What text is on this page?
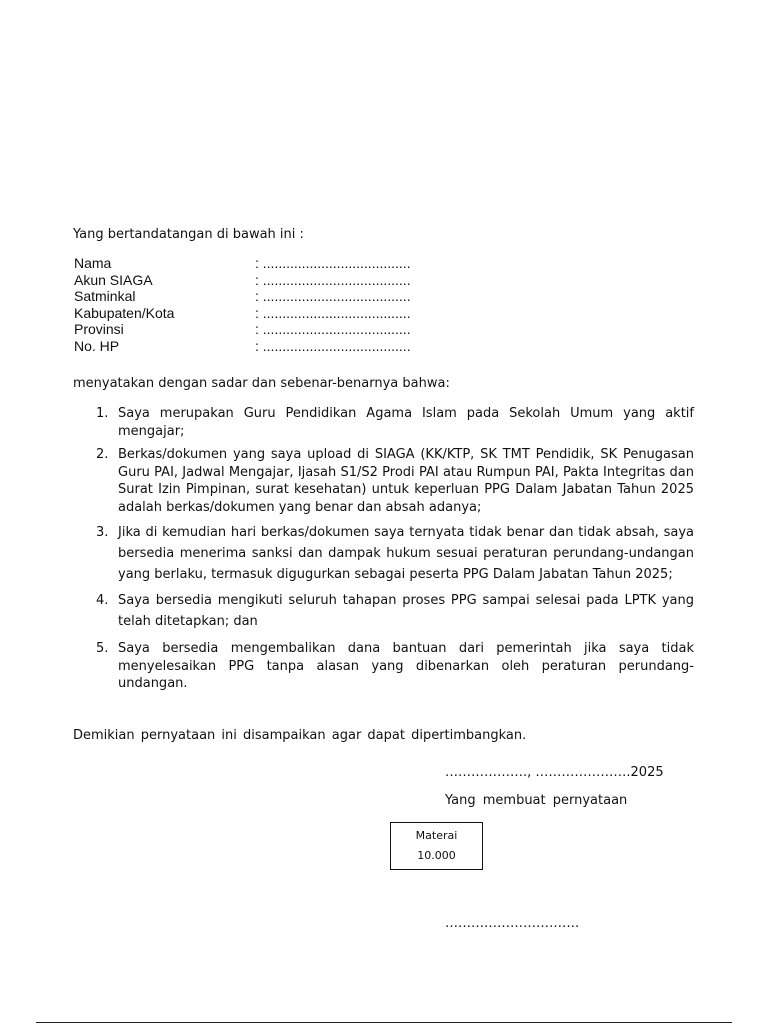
Yang bertandatangan di bawah ini :
Nama	: ......................................
Akun SIAGA	: ......................................
Satminkal	: ......................................
Kabupaten/Kota	: ......................................
Provinsi	: ......................................
No. HP	: ......................................
menyatakan dengan sadar dan sebenar-benarnya bahwa:
1. Saya merupakan Guru Pendidikan Agama Islam pada Sekolah Umum yang aktif mengajar;
2. Berkas/dokumen yang saya upload di SIAGA (KK/KTP, SK TMT Pendidik, SK Penugasan Guru PAI, Jadwal Mengajar, Ijasah S1/S2 Prodi PAI atau Rumpun PAI, Pakta Integritas dan Surat Izin Pimpinan, surat kesehatan) untuk keperluan PPG Dalam Jabatan Tahun 2025 adalah berkas/dokumen yang benar dan absah adanya;
3. Jika di kemudian hari berkas/dokumen saya ternyata tidak benar dan tidak absah, saya bersedia menerima sanksi dan dampak hukum sesuai peraturan perundang-undangan yang berlaku, termasuk digugurkan sebagai peserta PPG Dalam Jabatan Tahun 2025;
4. Saya bersedia mengikuti seluruh tahapan proses PPG sampai selesai pada LPTK yang telah ditetapkan; dan
5. Saya bersedia mengembalikan dana bantuan dari pemerintah jika saya tidak menyelesaikan PPG tanpa alasan yang dibenarkan oleh peraturan perundang-undangan.
Demikian pernyataan ini disampaikan agar dapat dipertimbangkan.
………………., ………………….2025
Yang membuat pernyataan
Materai
10.000
………………………….
